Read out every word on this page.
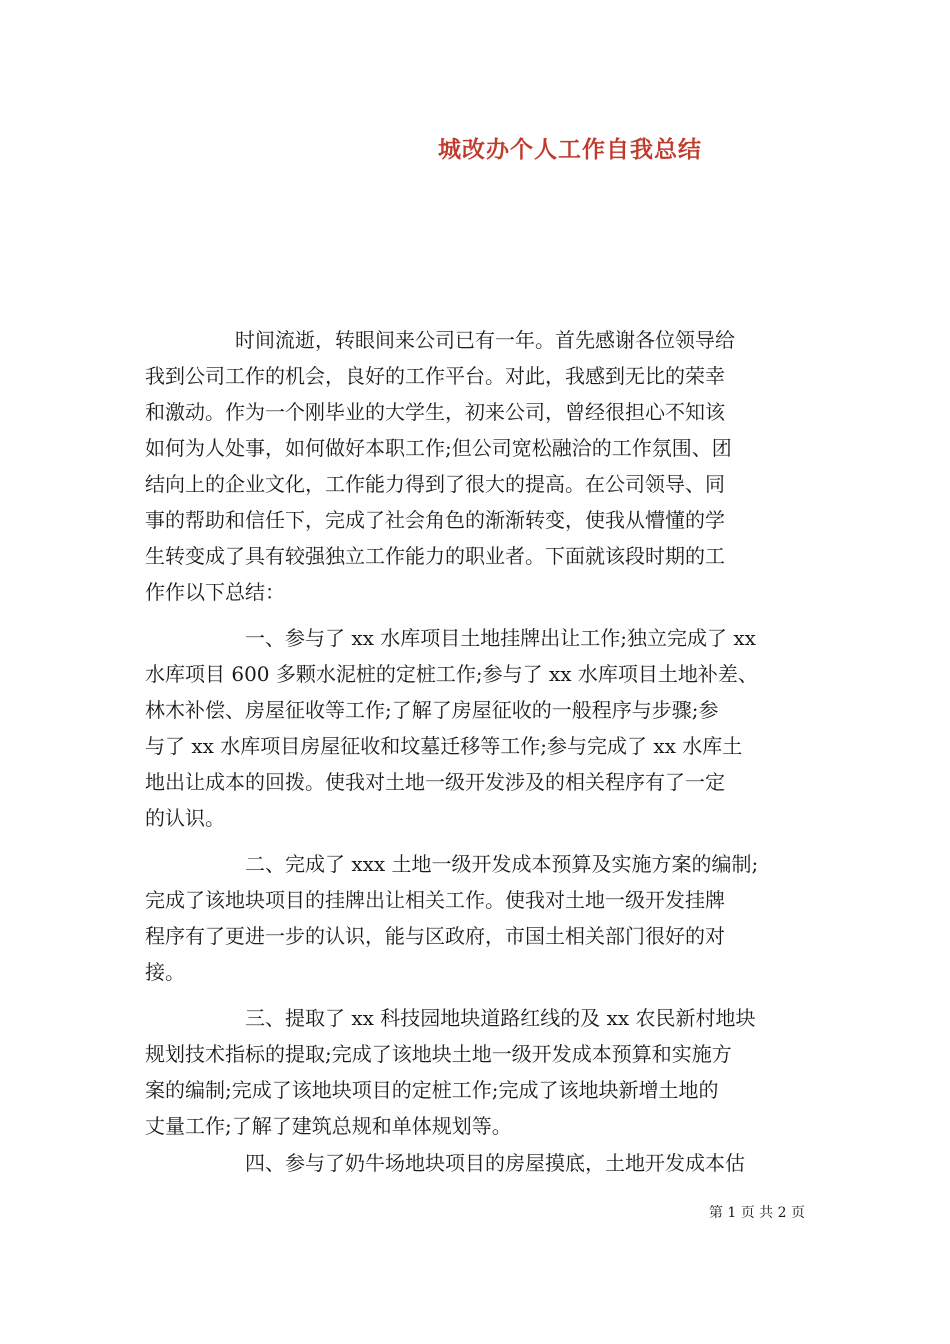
城改办个人工作自我总结
时间流逝，转眼间来公司已有一年。首先感谢各位领导给
我到公司工作的机会，良好的工作平台。对此，我感到无比的荣幸
和激动。作为一个刚毕业的大学生，初来公司，曾经很担心不知该
如何为人处事，如何做好本职工作;但公司宽松融洽的工作氛围、团
结向上的企业文化，工作能力得到了很大的提高。在公司领导、同
事的帮助和信任下，完成了社会角色的渐渐转变，使我从懵懂的学
生转变成了具有较强独立工作能力的职业者。下面就该段时期的工
作作以下总结：
一、参与了 xx 水库项目土地挂牌出让工作;独立完成了 xx
水库项目 600 多颗水泥桩的定桩工作;参与了 xx 水库项目土地补差、
林木补偿、房屋征收等工作;了解了房屋征收的一般程序与步骤;参
与了 xx 水库项目房屋征收和坟墓迁移等工作;参与完成了 xx 水库土
地出让成本的回拨。使我对土地一级开发涉及的相关程序有了一定
的认识。
二、完成了 xxx 土地一级开发成本预算及实施方案的编制;
完成了该地块项目的挂牌出让相关工作。使我对土地一级开发挂牌
程序有了更进一步的认识，能与区政府，市国土相关部门很好的对
接。
三、提取了 xx 科技园地块道路红线的及 xx 农民新村地块
规划技术指标的提取;完成了该地块土地一级开发成本预算和实施方
案的编制;完成了该地块项目的定桩工作;完成了该地块新增土地的
丈量工作;了解了建筑总规和单体规划等。
四、参与了奶牛场地块项目的房屋摸底，土地开发成本估
第 1 页 共 2 页
